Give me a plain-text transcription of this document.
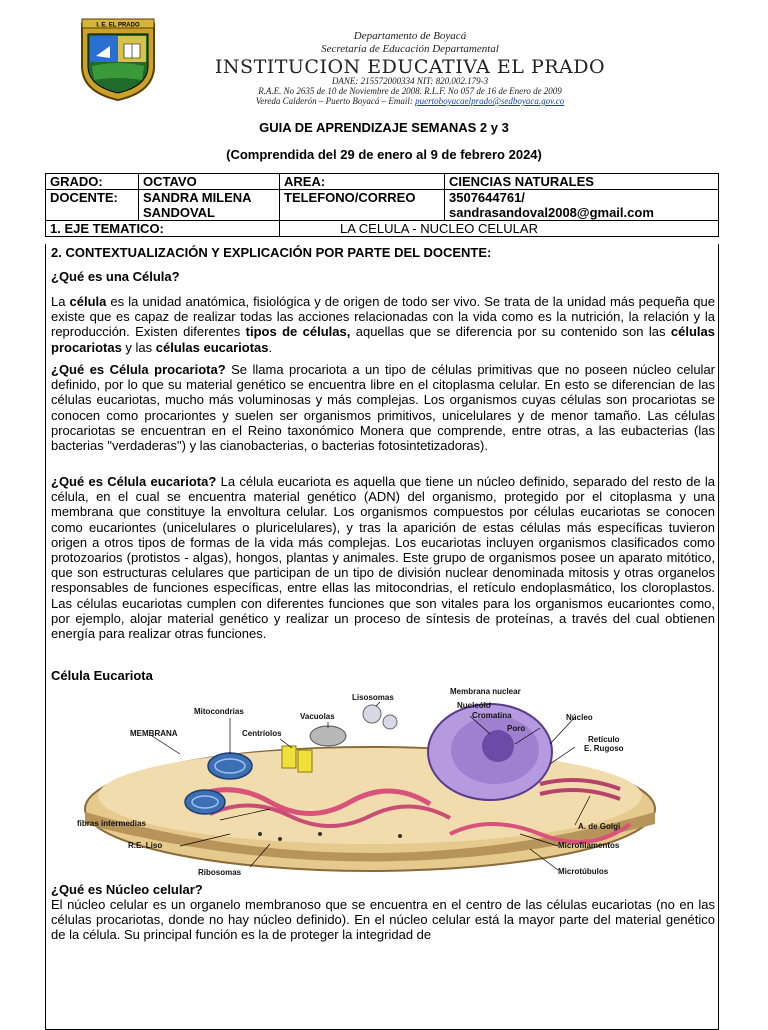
I. E. EL PRADO
Departamento de Boyacá
Secretaría de Educación Departamental
INSTITUCION EDUCATIVA EL PRADO
DANE: 215572000334 NIT: 820.002.179-3
R.A.E. No 2635 de 10 de Noviembre de 2008. R.L.F. No 057 de 16 de Enero de 2009
Vereda Calderón – Puerto Boyacá – Email: puertoboyacaelprado@sedboyaca.gov.co
GUIA DE APRENDIZAJE SEMANAS 2 y 3
(Comprendida del 29 de enero al 9 de febrero 2024)
GRADO:	OCTAVO	AREA:	CIENCIAS NATURALES
DOCENTE:	SANDRA MILENA SANDOVAL	TELEFONO/CORREO	3507644761/
sandrasandoval2008@gmail.com

1. EJE TEMATICO:		LA CELULA - NUCLEO CELULAR	
2. CONTEXTUALIZACIÓN Y EXPLICACIÓN POR PARTE DEL DOCENTE:
¿Qué es una Célula?
La célula es la unidad anatómica, fisiológica y de origen de todo ser vivo. Se trata de la unidad más pequeña que existe que es capaz de realizar todas las acciones relacionadas con la vida como es la nutrición, la relación y la reproducción. Existen diferentes tipos de células, aquellas que se diferencia por su contenido son las células procariotas y las células eucariotas.
¿Qué es Célula procariota? Se llama procariota a un tipo de células primitivas que no poseen núcleo celular definido, por lo que su material genético se encuentra libre en el citoplasma celular. En esto se diferencian de las células eucariotas, mucho más voluminosas y más complejas. Los organismos cuyas células son procariotas se conocen como procariontes y suelen ser organismos primitivos, unicelulares y de menor tamaño. Las células procariotas se encuentran en el Reino taxonómico Monera que comprende, entre otras, a las eubacterias (las bacterias "verdaderas") y las cianobacterias, o bacterias fotosintetizadoras).
¿Qué es Célula eucariota? La célula eucariota es aquella que tiene un núcleo definido, separado del resto de la célula, en el cual se encuentra material genético (ADN) del organismo, protegido por el citoplasma y una membrana que constituye la envoltura celular. Los organismos compuestos por células eucariotas se conocen como eucariontes (unicelulares o pluricelulares), y tras la aparición de estas células más específicas tuvieron origen a otros tipos de formas de la vida más complejas. Los eucariotas incluyen organismos clasificados como protozoarios (protistos - algas), hongos, plantas y animales. Este grupo de organismos posee un aparato mitótico, que son estructuras celulares que participan de un tipo de división nuclear denominada mitosis y otras organelos responsables de funciones específicas, entre ellas las mitocondrias, el retículo endoplasmático, los cloroplastos. Las células eucariotas cumplen con diferentes funciones que son vitales para los organismos eucariontes como, por ejemplo, alojar material genético y realizar un proceso de síntesis de proteínas, a través del cual obtienen energía para realizar otras funciones.
Célula Eucariota
Mitocondrias
MEMBRANA	Centríolos
Vacuolas
Lisosomas
Membrana nuclear
Nucleólo
Cromatina
Poro
Núcleo
Retículo
E. Rugoso
fibras intermedias
R.E. Liso
A. de Golgi
Microfilamentos
Ribosomas	Microtúbulos
¿Qué es Núcleo celular?
El núcleo celular es un organelo membranoso que se encuentra en el centro de las células eucariotas (no en las células procariotas, donde no hay núcleo definido). En el núcleo celular está la mayor parte del material genético de la célula. Su principal función es la de proteger la integridad de
